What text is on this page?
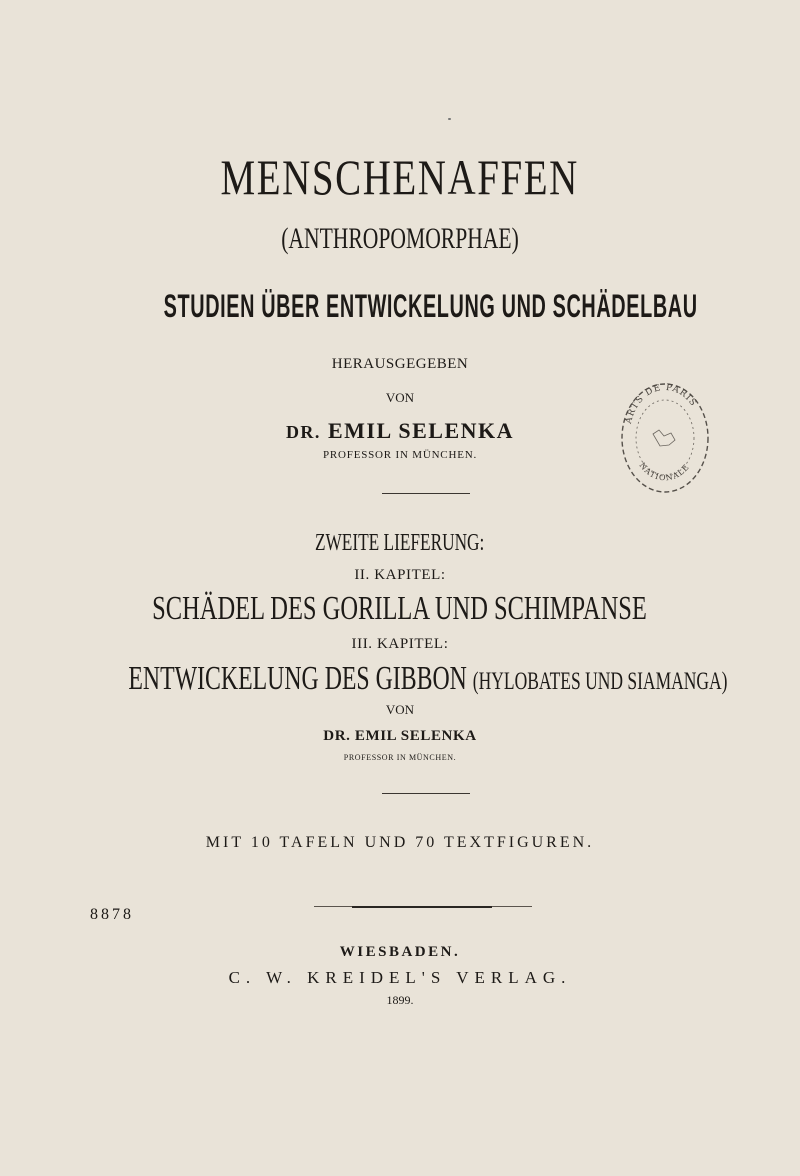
MENSCHENAFFEN
(ANTHROPOMORPHAE)
STUDIEN ÜBER ENTWICKELUNG UND SCHÄDELBAU
HERAUSGEGEBEN
VON
DR. EMIL SELENKA
PROFESSOR IN MÜNCHEN.
ARTS DE PARIS
NATIONALE
ZWEITE LIEFERUNG:
II. KAPITEL:
SCHÄDEL DES GORILLA UND SCHIMPANSE
III. KAPITEL:
ENTWICKELUNG DES GIBBON (HYLOBATES UND SIAMANGA)
VON
DR. EMIL SELENKA
PROFESSOR IN MÜNCHEN.
MIT 10 TAFELN UND 70 TEXTFIGUREN.
8878
WIESBADEN.
C. W. KREIDEL'S VERLAG.
1899.
